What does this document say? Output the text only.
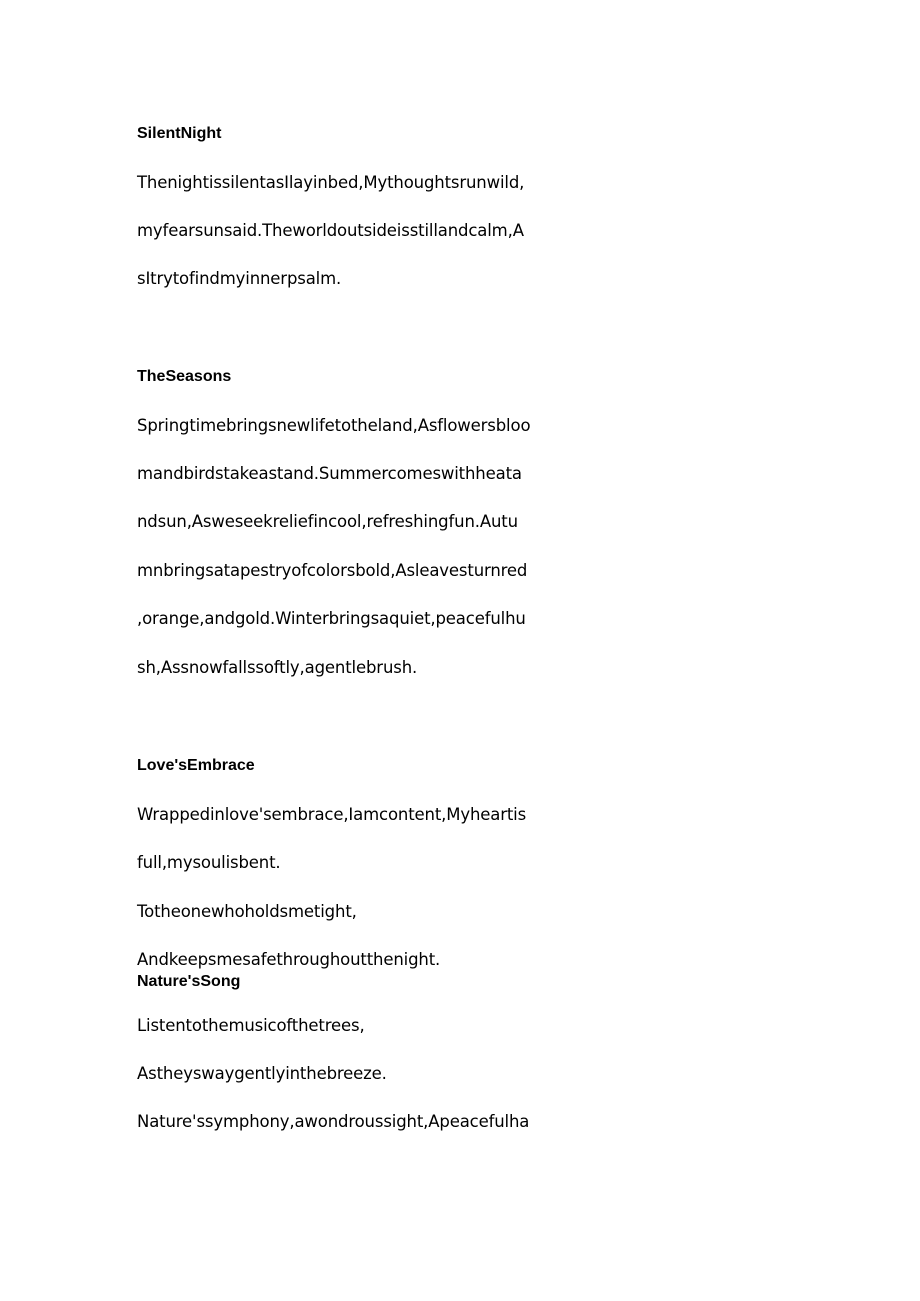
SilentNight
ThenightissilentasIlayinbed,Mythoughtsrunwild,
myfearsunsaid.Theworldoutsideisstillandcalm,A
sItrytofindmyinnerpsalm.
TheSeasons
Springtimebringsnewlifetotheland,Asflowersbloo
mandbirdstakeastand.Summercomeswithheata
ndsun,Asweseekreliefincool,refreshingfun.Autu
mnbringsatapestryofcolorsbold,Asleavesturnred
,orange,andgold.Winterbringsaquiet,peacefulhu
sh,Assnowfallssoftly,agentlebrush.
Love'sEmbrace
Wrappedinlove'sembrace,Iamcontent,Myheartis
full,mysoulisbent.
Totheonewhoholdsmetight,
Andkeepsmesafethroughoutthenight.
Nature'sSong
Listentothemusicofthetrees,
Astheyswaygentlyinthebreeze.
Nature'ssymphony,awondroussight,Apeacefulha
